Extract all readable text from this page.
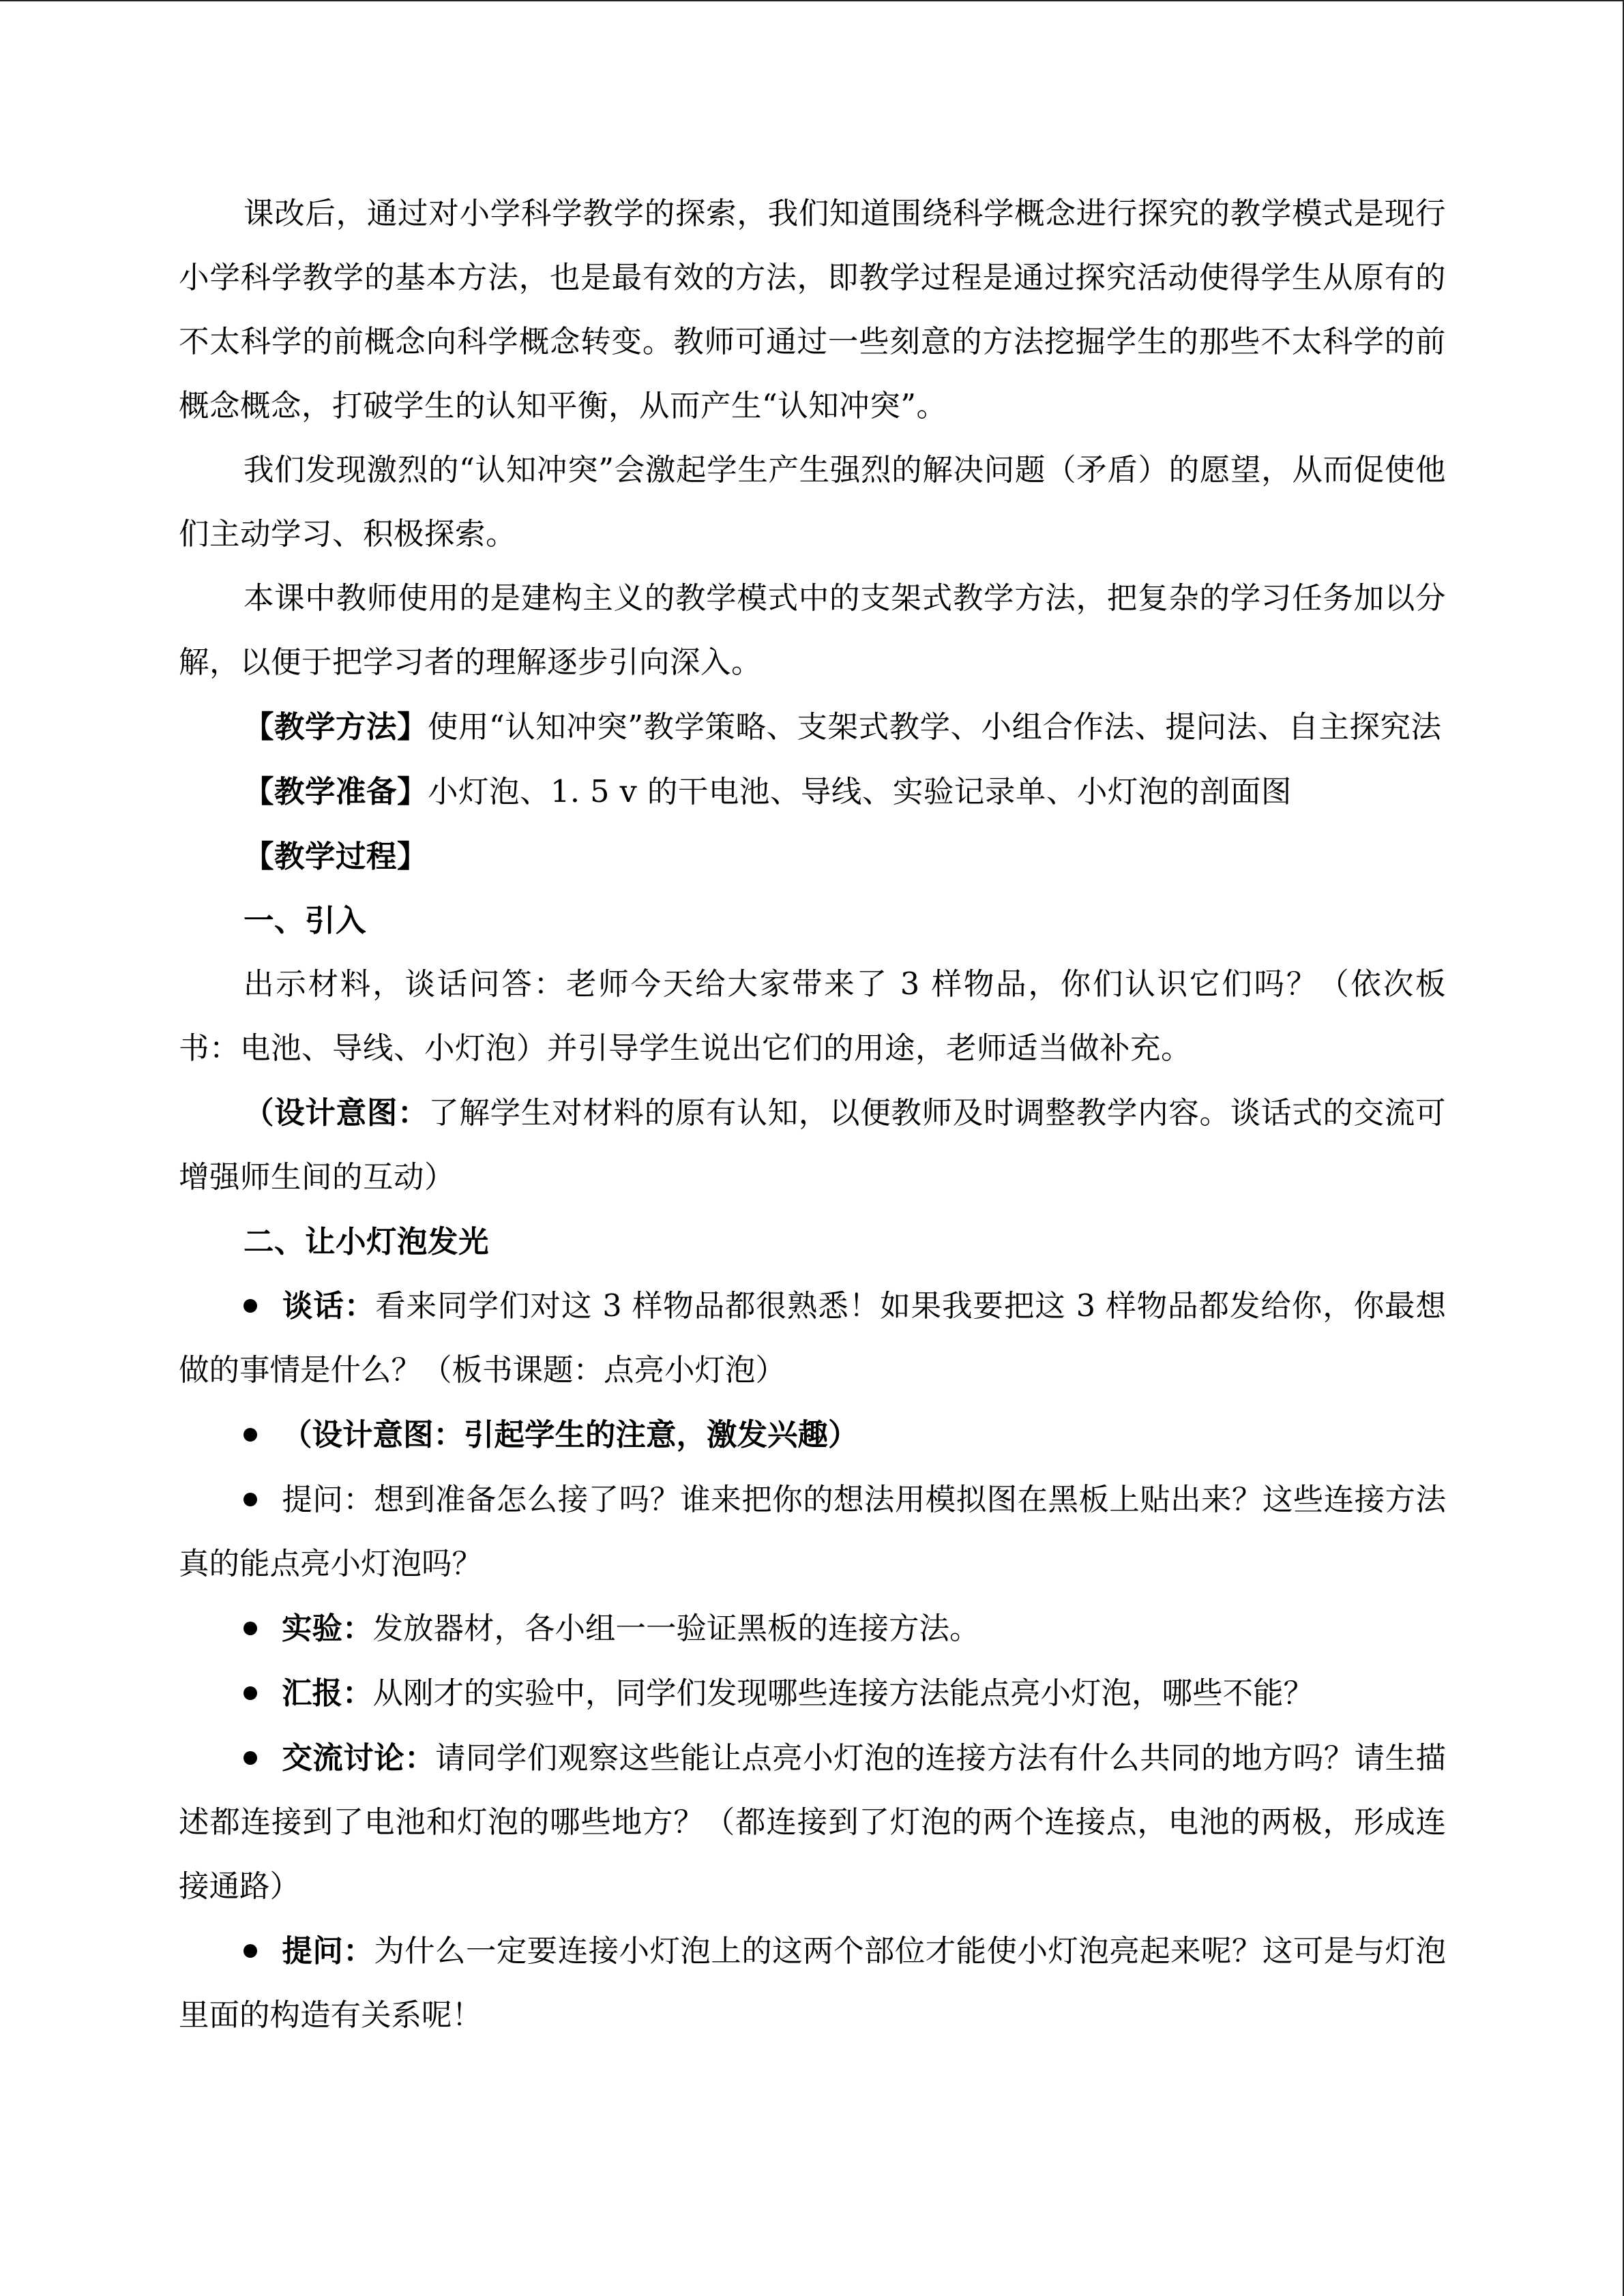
课改后，通过对小学科学教学的探索，我们知道围绕科学概念进行探究的教学模式是现行小学科学教学的基本方法，也是最有效的方法，即教学过程是通过探究活动使得学生从原有的不太科学的前概念向科学概念转变。教师可通过一些刻意的方法挖掘学生的那些不太科学的前概念概念，打破学生的认知平衡，从而产生“认知冲突”。

我们发现激烈的“认知冲突”会激起学生产生强烈的解决问题（矛盾）的愿望，从而促使他们主动学习、积极探索。

本课中教师使用的是建构主义的教学模式中的支架式教学方法，把复杂的学习任务加以分解，以便于把学习者的理解逐步引向深入。

【教学方法】使用“认知冲突”教学策略、支架式教学、小组合作法、提问法、自主探究法

【教学准备】小灯泡、1. 5 v 的干电池、导线、实验记录单、小灯泡的剖面图

【教学过程】

一、引入

出示材料，谈话问答：老师今天给大家带来了 3 样物品，你们认识它们吗？（依次板书：电池、导线、小灯泡）并引导学生说出它们的用途，老师适当做补充。

（设计意图：了解学生对材料的原有认知，以便教师及时调整教学内容。谈话式的交流可增强师生间的互动）

二、让小灯泡发光

谈话：看来同学们对这 3 样物品都很熟悉！如果我要把这 3 样物品都发给你，你最想做的事情是什么？（板书课题：点亮小灯泡）

（设计意图：引起学生的注意，激发兴趣）

提问：想到准备怎么接了吗？谁来把你的想法用模拟图在黑板上贴出来？这些连接方法真的能点亮小灯泡吗？

实验：发放器材，各小组一一验证黑板的连接方法。

汇报：从刚才的实验中，同学们发现哪些连接方法能点亮小灯泡，哪些不能？

交流讨论：请同学们观察这些能让点亮小灯泡的连接方法有什么共同的地方吗？请生描述都连接到了电池和灯泡的哪些地方？（都连接到了灯泡的两个连接点，电池的两极，形成连接通路）

提问：为什么一定要连接小灯泡上的这两个部位才能使小灯泡亮起来呢？这可是与灯泡里面的构造有关系呢！
